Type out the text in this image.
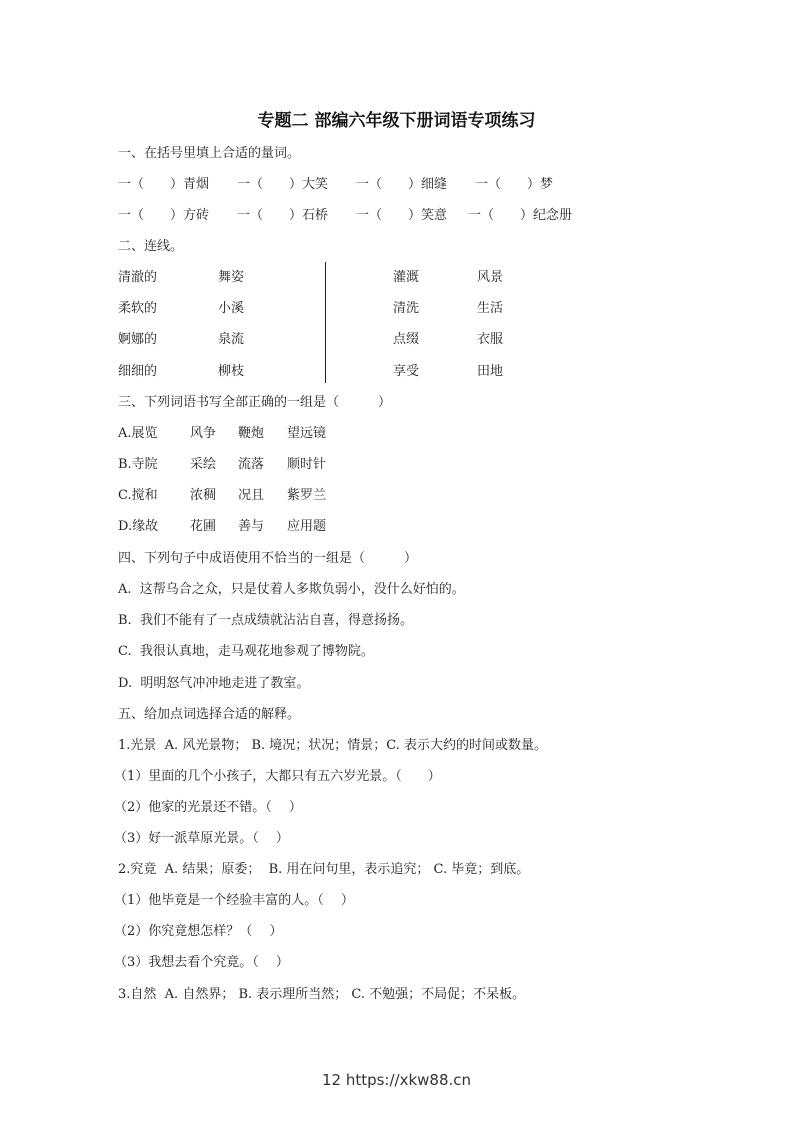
专题二 部编六年级下册词语专项练习
一、在括号里填上合适的量词。
一（　　）青烟 一（　　）大笑 一（　　）细缝 一（　　）梦
一（　　）方砖 一（　　）石桥 一（　　）笑意 一（　　）纪念册
二、连线。
三、下列词语书写全部正确的一组是（　　　）
四、下列句子中成语使用不恰当的一组是（　　　）
A.  这帮乌合之众，只是仗着人多欺负弱小，没什么好怕的。
B.  我们不能有了一点成绩就沾沾自喜，得意扬扬。
C.  我很认真地，走马观花地参观了博物院。
D.  明明怒气冲冲地走进了教室。
五、给加点词选择合适的解释。
12 https://xkw88.cn
清澈的	舞姿	灌溉	风景
柔软的	小溪	清洗	生活
婀娜的	泉流	点缀	衣服
细细的	柳枝	享受	田地
A.展览 风争 鞭炮 望远镜
B.寺院 采绘 流落 顺时针
C.搅和 浓稠 况且 紫罗兰
D.缘故 花圃 善与 应用题
1.光景  A. 风光景物； B. 境况；状况；情景；C. 表示大约的时间或数量。
（1）里面的几个小孩子，大都只有五六岁光景。（　　）
（2）他家的光景还不错。（　 ）
（3）好一派草原光景。（　 ）
2.究竟  A. 结果；原委；  B. 用在问句里，表示追究； C. 毕竟；到底。
（1）他毕竟是一个经验丰富的人。（　 ）
（2）你究竟想怎样？（　 ）
（3）我想去看个究竟。（　 ）
3.自然  A. 自然界； B. 表示理所当然； C. 不勉强；不局促；不呆板。
